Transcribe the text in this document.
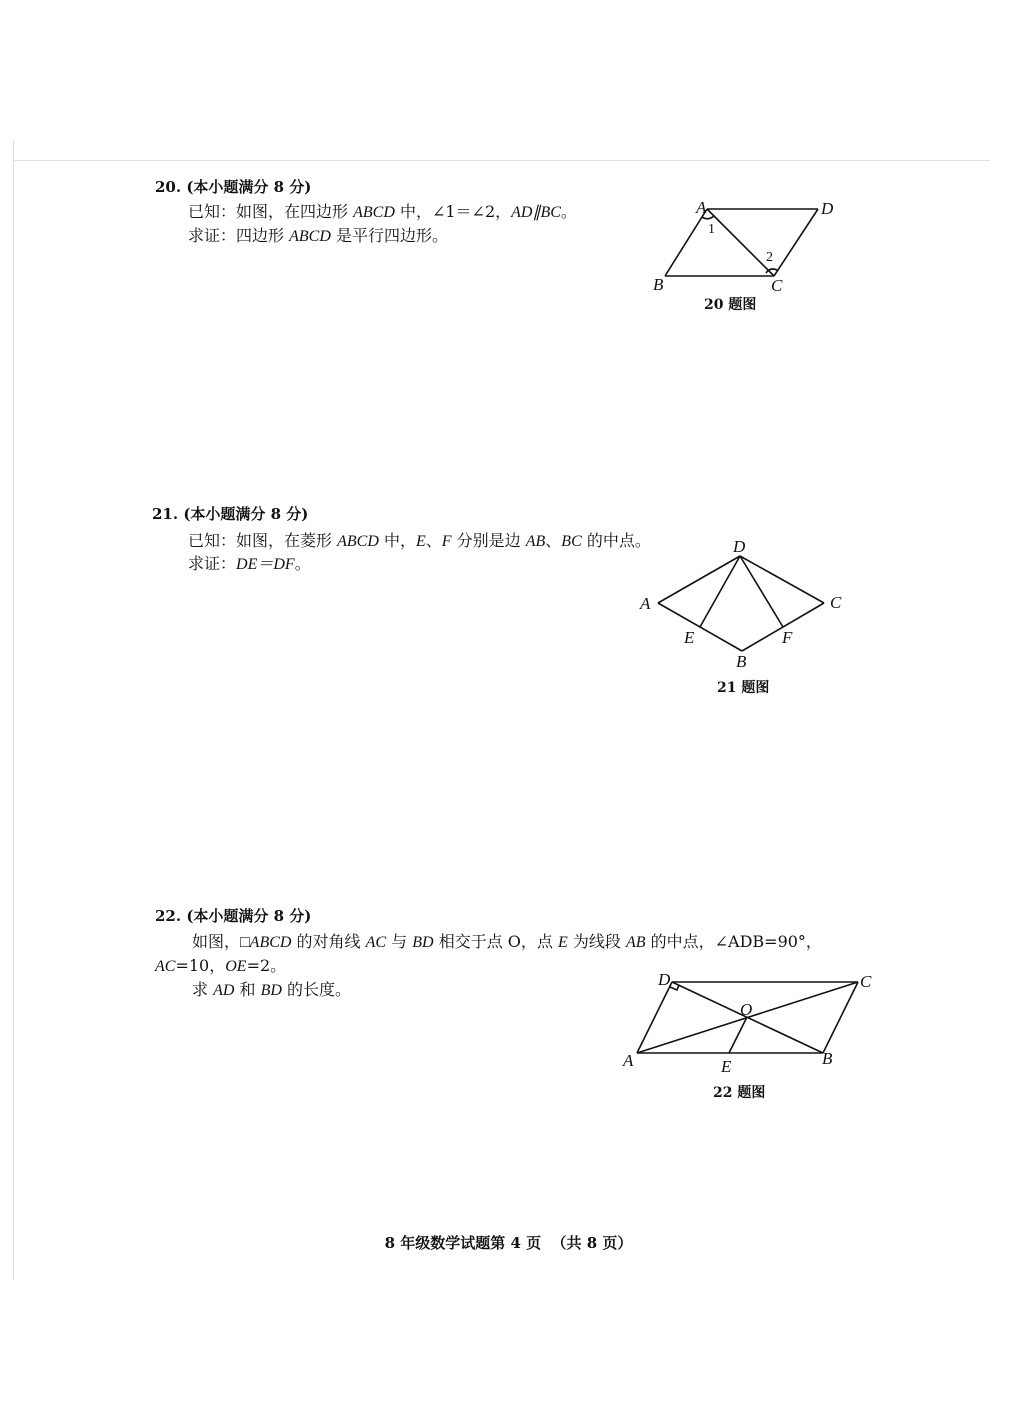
20. (本小题满分 8 分)
已知：如图，在四边形 ABCD 中，∠1＝∠2，AD∥BC。
求证：四边形 ABCD 是平行四边形。
A	D
B	C
1
2
20 题图
21. (本小题满分 8 分)
已知：如图，在菱形 ABCD 中，E、F 分别是边 AB、BC 的中点。
求证：DE＝DF。
D
A	C
E	F
B
21 题图
22. (本小题满分 8 分)
如图，□ABCD 的对角线 AC 与 BD 相交于点 O，点 E 为线段 AB 的中点，∠ADB=90°，
AC=10，OE=2。
求 AD 和 BD 的长度。
D	C
O
A	E	B
22 题图
8 年级数学试题第 4 页  （共 8 页）
